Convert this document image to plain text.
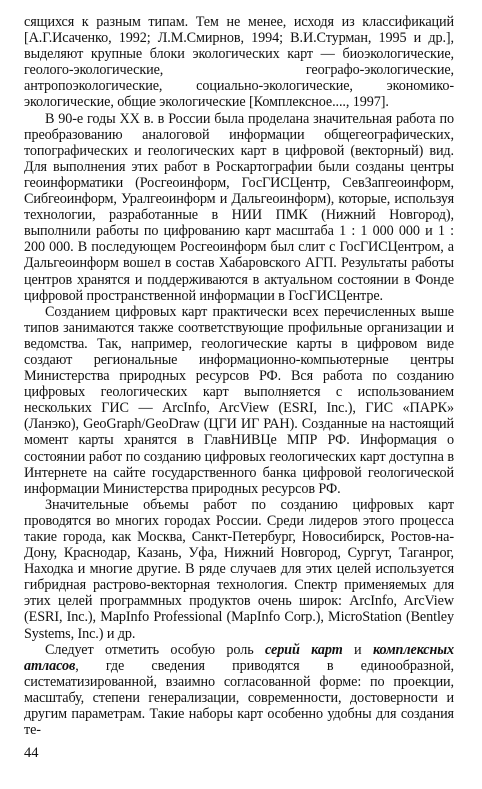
сящихся к разным типам. Тем не менее, исходя из классификаций [А.Г.Исаченко, 1992; Л.М.Смирнов, 1994; В.И.Стурман, 1995 и др.], выделяют крупные блоки экологических карт — биоэкологические, геолого-экологические, географо-экологические, антропоэкологические, социально-экологические, экономико-экологические, общие экологические [Комплексное...., 1997].

В 90-е годы XX в. в России была проделана значительная работа по преобразованию аналоговой информации общегеографических, топографических и геологических карт в цифровой (векторный) вид. Для выполнения этих работ в Роскартографии были созданы центры геоинформатики (Росгеоинформ, ГосГИСЦентр, СевЗапгеоинформ, Сибгеоинформ, Уралгеоинформ и Дальгеоинформ), которые, используя технологии, разработанные в НИИ ПМК (Нижний Новгород), выполнили работы по цифрованию карт масштаба 1 : 1 000 000 и 1 : 200 000. В последующем Росгеоинформ был слит с ГосГИСЦентром, а Дальгеоинформ вошел в состав Хабаровского АГП. Результаты работы центров хранятся и поддерживаются в актуальном состоянии в Фонде цифровой пространственной информации в ГосГИСЦентре.

Созданием цифровых карт практически всех перечисленных выше типов занимаются также соответствующие профильные организации и ведомства. Так, например, геологические карты в цифровом виде создают региональные информационно-компьютерные центры Министерства природных ресурсов РФ. Вся работа по созданию цифровых геологических карт выполняется с использованием нескольких ГИС — ArcInfo, ArcView (ESRI, Inc.), ГИС «ПАРК» (Ланэко), GeoGraph/GeoDraw (ЦГИ ИГ РАН). Созданные на настоящий момент карты хранятся в ГлавНИВЦе МПР РФ. Информация о состоянии работ по созданию цифровых геологических карт доступна в Интернете на сайте государственного банка цифровой геологической информации Министерства природных ресурсов РФ.

Значительные объемы работ по созданию цифровых карт проводятся во многих городах России. Среди лидеров этого процесса такие города, как Москва, Санкт-Петербург, Новосибирск, Ростов-на-Дону, Краснодар, Казань, Уфа, Нижний Новгород, Сургут, Таганрог, Находка и многие другие. В ряде случаев для этих целей используется гибридная растрово-векторная технология. Спектр применяемых для этих целей программных продуктов очень широк: ArcInfo, ArcView (ESRI, Inc.), MapInfo Professional (MapInfo Corp.), MicroStation (Bentley Systems, Inc.) и др.

Следует отметить особую роль серий карт и комплексных атласов, где сведения приводятся в единообразной, систематизированной, взаимно согласованной форме: по проекции, масштабу, степени генерализации, современности, достоверности и другим параметрам. Такие наборы карт особенно удобны для создания те-

44
